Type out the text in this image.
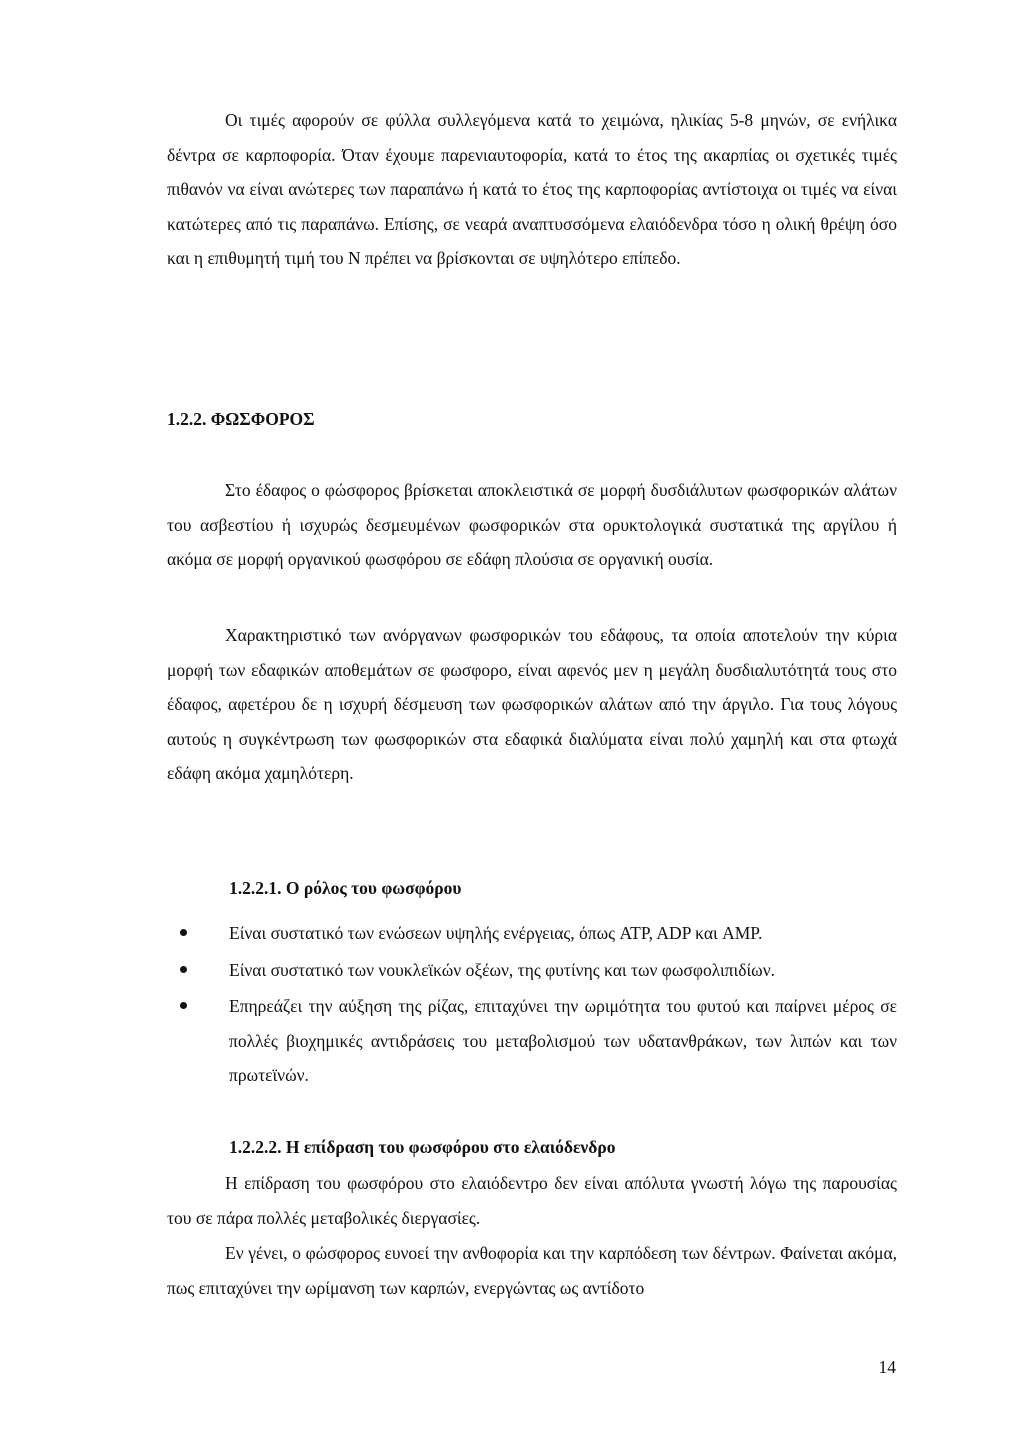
Οι τιμές αφορούν σε φύλλα συλλεγόμενα κατά το χειμώνα, ηλικίας 5-8 μηνών, σε ενήλικα δέντρα σε καρποφορία. Όταν έχουμε παρενιαυτοφορία, κατά το έτος της ακαρπίας οι σχετικές τιμές πιθανόν να είναι ανώτερες των παραπάνω ή κατά το έτος της καρποφορίας αντίστοιχα οι τιμές να είναι κατώτερες από τις παραπάνω. Επίσης, σε νεαρά αναπτυσσόμενα ελαιόδενδρα τόσο η ολική θρέψη όσο και η επιθυμητή τιμή του Ν πρέπει να βρίσκονται σε υψηλότερο επίπεδο.

1.2.2. ΦΩΣΦΟΡΟΣ

Στο έδαφος ο φώσφορος βρίσκεται αποκλειστικά σε μορφή δυσδιάλυτων φωσφορικών αλάτων του ασβεστίου ή ισχυρώς δεσμευμένων φωσφορικών στα ορυκτολογικά συστατικά της αργίλου ή ακόμα σε μορφή οργανικού φωσφόρου σε εδάφη πλούσια σε οργανική ουσία.

Χαρακτηριστικό των ανόργανων φωσφορικών του εδάφους, τα οποία αποτελούν την κύρια μορφή των εδαφικών αποθεμάτων σε φωσφορο, είναι αφενός μεν η μεγάλη δυσδιαλυτότητά τους στο έδαφος, αφετέρου δε η ισχυρή δέσμευση των φωσφορικών αλάτων από την άργιλο. Για τους λόγους αυτούς η συγκέντρωση των φωσφορικών στα εδαφικά διαλύματα είναι πολύ χαμηλή και στα φτωχά εδάφη ακόμα χαμηλότερη.

1.2.2.1. Ο ρόλος του φωσφόρου
Είναι συστατικό των ενώσεων υψηλής ενέργειας, όπως ATP, ADP και AMP.
Είναι συστατικό των νουκλεϊκών οξέων, της φυτίνης και των φωσφολιπιδίων.
Επηρεάζει την αύξηση της ρίζας, επιταχύνει την ωριμότητα του φυτού και παίρνει μέρος σε πολλές βιοχημικές αντιδράσεις του μεταβολισμού των υδατανθράκων, των λιπών και των πρωτεϊνών.
1.2.2.2. Η επίδραση του φωσφόρου στο ελαιόδενδρο

Η επίδραση του φωσφόρου στο ελαιόδεντρο δεν είναι απόλυτα γνωστή λόγω της παρουσίας του σε πάρα πολλές μεταβολικές διεργασίες.

Εν γένει, ο φώσφορος ευνοεί την ανθοφορία και την καρπόδεση των δέντρων. Φαίνεται ακόμα, πως επιταχύνει την ωρίμανση των καρπών, ενεργώντας ως αντίδοτο

14
